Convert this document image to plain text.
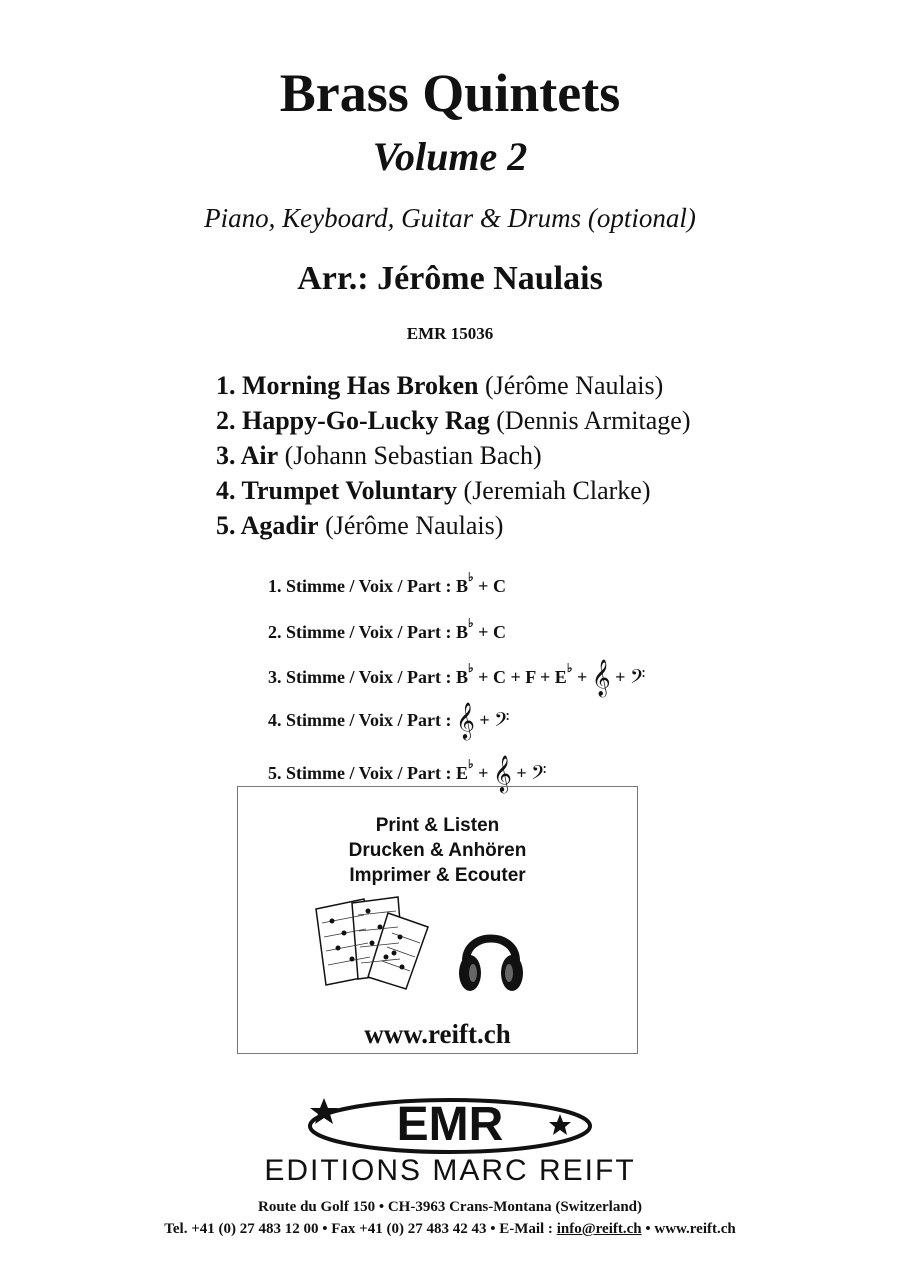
Brass Quintets
Volume 2
Piano, Keyboard, Guitar & Drums (optional)
Arr.: Jérôme Naulais
EMR 15036
1. Morning Has Broken (Jérôme Naulais)
2. Happy-Go-Lucky Rag (Dennis Armitage)
3. Air (Johann Sebastian Bach)
4. Trumpet Voluntary (Jeremiah Clarke)
5. Agadir (Jérôme Naulais)
1. Stimme / Voix / Part : B♭ + C
2. Stimme / Voix / Part : B♭ + C
3. Stimme / Voix / Part : B♭ + C + F + E♭ + 𝄞 + 𝄢
4. Stimme / Voix / Part : 𝄞 + 𝄢
5. Stimme / Voix / Part : E♭ + 𝄞 + 𝄢
Print & Listen
Drucken & Anhören
Imprimer & Ecouter
www.reift.ch
EMR
EDITIONS MARC REIFT
Route du Golf 150 • CH-3963 Crans-Montana (Switzerland)
Tel. +41 (0) 27 483 12 00 • Fax +41 (0) 27 483 42 43 • E-Mail : info@reift.ch • www.reift.ch
